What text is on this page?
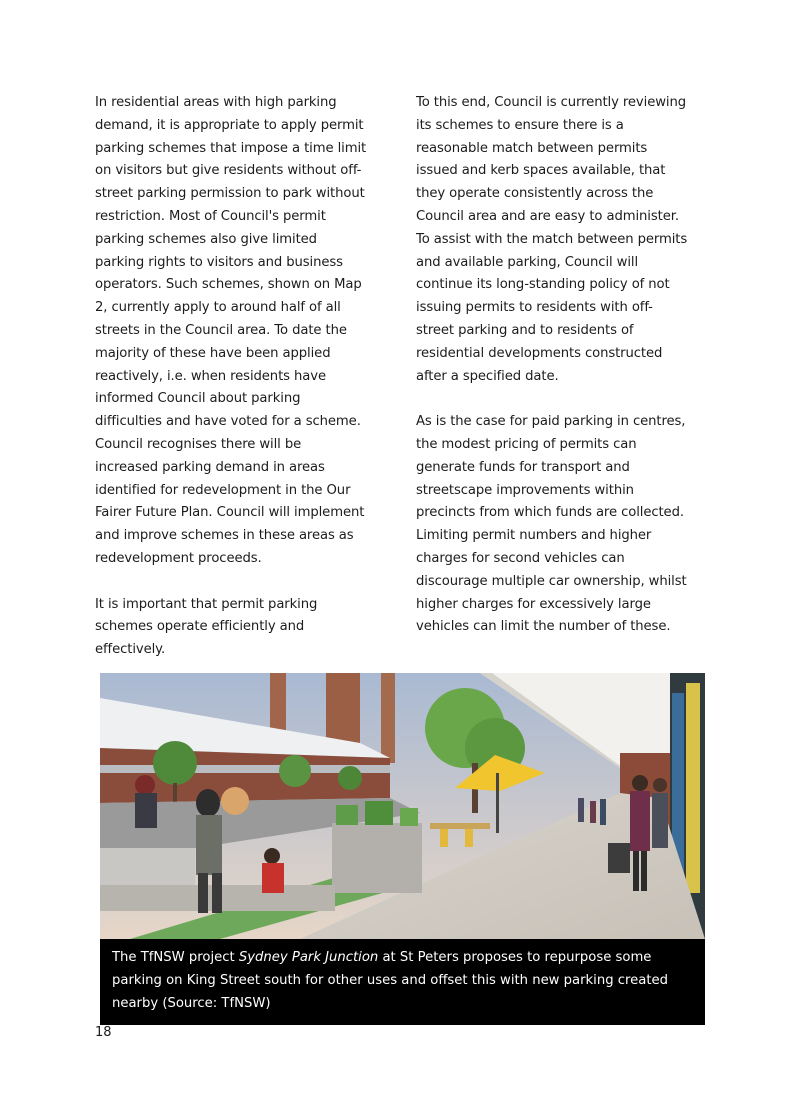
In residential areas with high parking
demand, it is appropriate to apply permit
parking schemes that impose a time limit
on visitors but give residents without off-
street parking permission to park without
restriction. Most of Council's permit
parking schemes also give limited
parking rights to visitors and business
operators. Such schemes, shown on Map
2, currently apply to around half of all
streets in the Council area. To date the
majority of these have been applied
reactively, i.e. when residents have
informed Council about parking
difficulties and have voted for a scheme.
Council recognises there will be
increased parking demand in areas
identified for redevelopment in the Our
Fairer Future Plan. Council will implement
and improve schemes in these areas as
redevelopment proceeds.
It is important that permit parking
schemes operate efficiently and
effectively.
To this end, Council is currently reviewing
its schemes to ensure there is a
reasonable match between permits
issued and kerb spaces available, that
they operate consistently across the
Council area and are easy to administer.
To assist with the match between permits
and available parking, Council will
continue its long-standing policy of not
issuing permits to residents with off-
street parking and to residents of
residential developments constructed
after a specified date.
As is the case for paid parking in centres,
the modest pricing of permits can
generate funds for transport and
streetscape improvements within
precincts from which funds are collected.
Limiting permit numbers and higher
charges for second vehicles can
discourage multiple car ownership, whilst
higher charges for excessively large
vehicles can limit the number of these.
The TfNSW project Sydney Park Junction at St Peters proposes to repurpose some
parking on King Street south for other uses and offset this with new parking created
nearby (Source: TfNSW)
18
